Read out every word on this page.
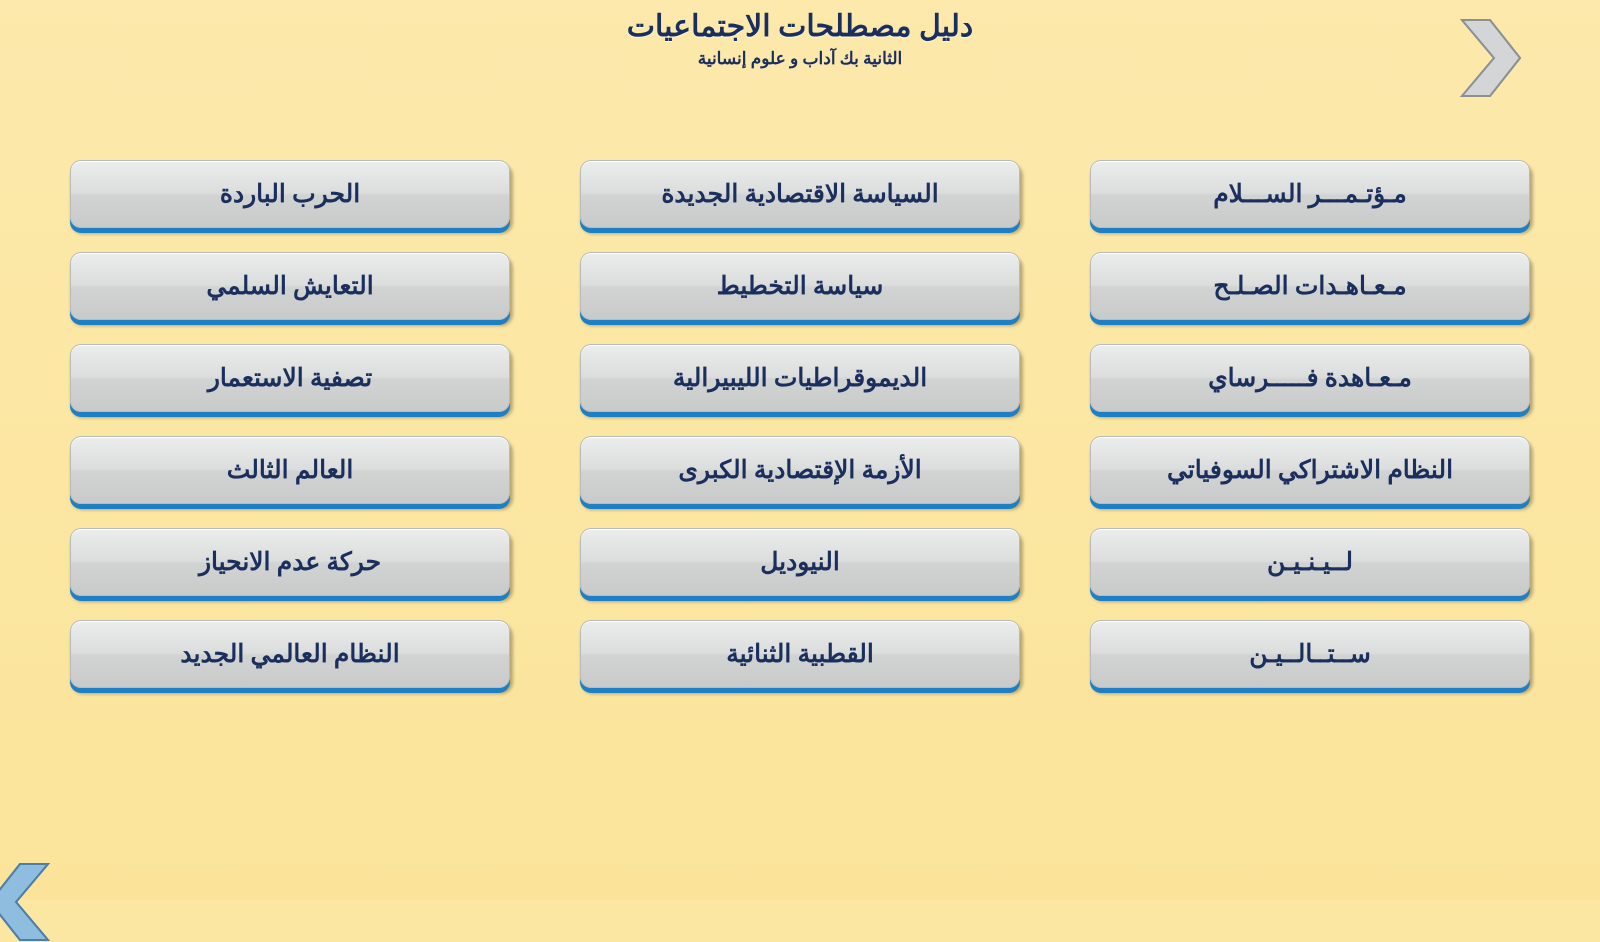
دليل مصطلحات الاجتماعيات
الثانية بك آداب و علوم إنسانية
مـؤتـمـــر الســـلام
مـعـاهـدات الصـلـح
مـعـاهدة فـــــرساي
النظام الاشتراكي السوفياتي
لــيـنـيـن
ســتــالــيـن
السياسة الاقتصادية الجديدة
سياسة التخطيط
الديموقراطيات الليبيرالية
الأزمة الإقتصادية الكبرى
النيوديل
القطبية الثنائية
الحرب الباردة
التعايش السلمي
تصفية الاستعمار
العالم الثالث
حركة عدم الانحياز
النظام العالمي الجديد
